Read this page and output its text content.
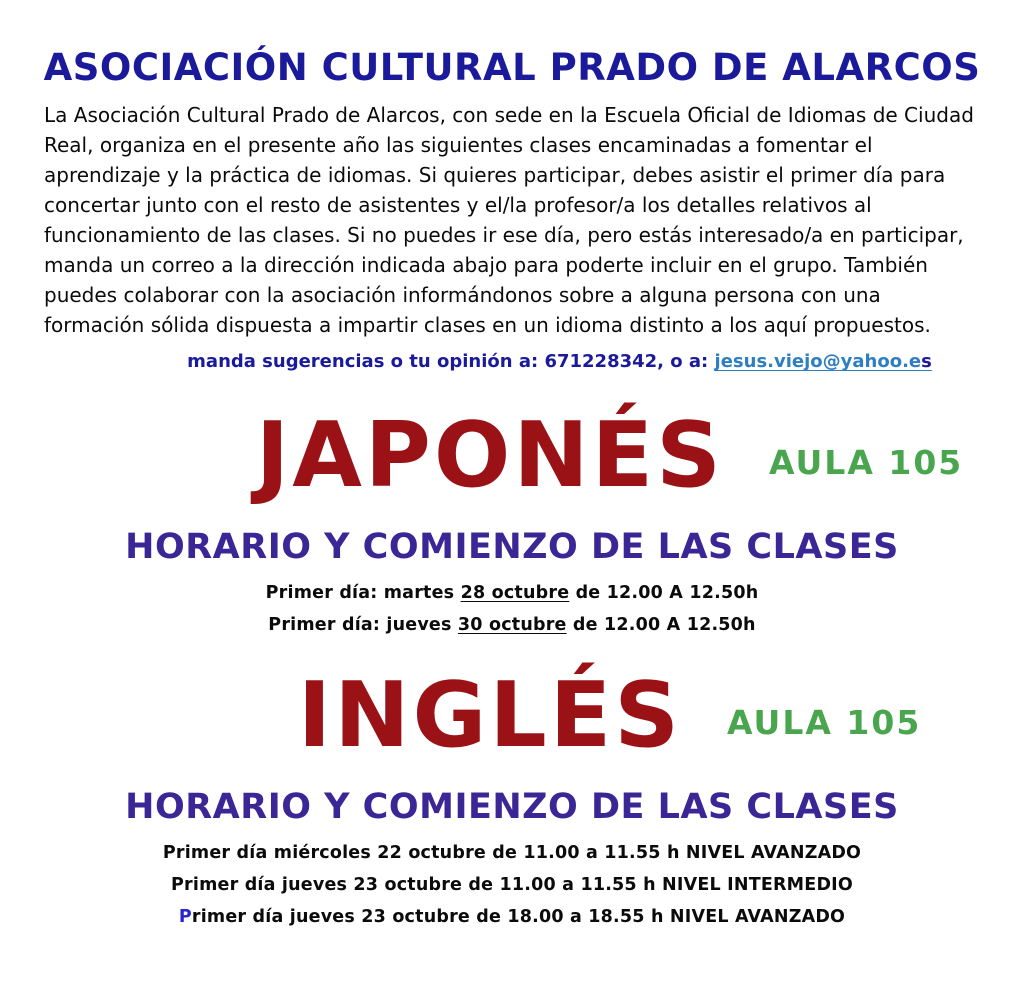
ASOCIACIÓN CULTURAL PRADO DE ALARCOS

La Asociación Cultural Prado de Alarcos, con sede en la Escuela Oficial de Idiomas de Ciudad Real, organiza en el presente año las siguientes clases encaminadas a fomentar el aprendizaje y la práctica de idiomas. Si quieres participar, debes asistir el primer día para concertar junto con el resto de asistentes y el/la profesor/a los detalles relativos al funcionamiento de las clases. Si no puedes ir ese día, pero estás interesado/a en participar, manda un correo a la dirección indicada abajo para poderte incluir en el grupo. También puedes colaborar con la asociación informándonos sobre a alguna persona con una formación sólida dispuesta a impartir clases en un idioma distinto a los aquí propuestos.

manda sugerencias o tu opinión a: 671228342, o a: jesus.viejo@yahoo.es

JAPONÉS AULA 105
HORARIO Y COMIENZO DE LAS CLASES

Primer día: martes 28 octubre de 12.00 A 12.50h

Primer día: jueves 30 octubre de 12.00 A 12.50h

INGLÉS AULA 105
HORARIO Y COMIENZO DE LAS CLASES

Primer día miércoles 22 octubre de 11.00 a 11.55 h NIVEL AVANZADO

Primer día jueves 23 octubre de 11.00 a 11.55 h NIVEL INTERMEDIO

Primer día jueves 23 octubre de 18.00 a 18.55 h NIVEL AVANZADO
